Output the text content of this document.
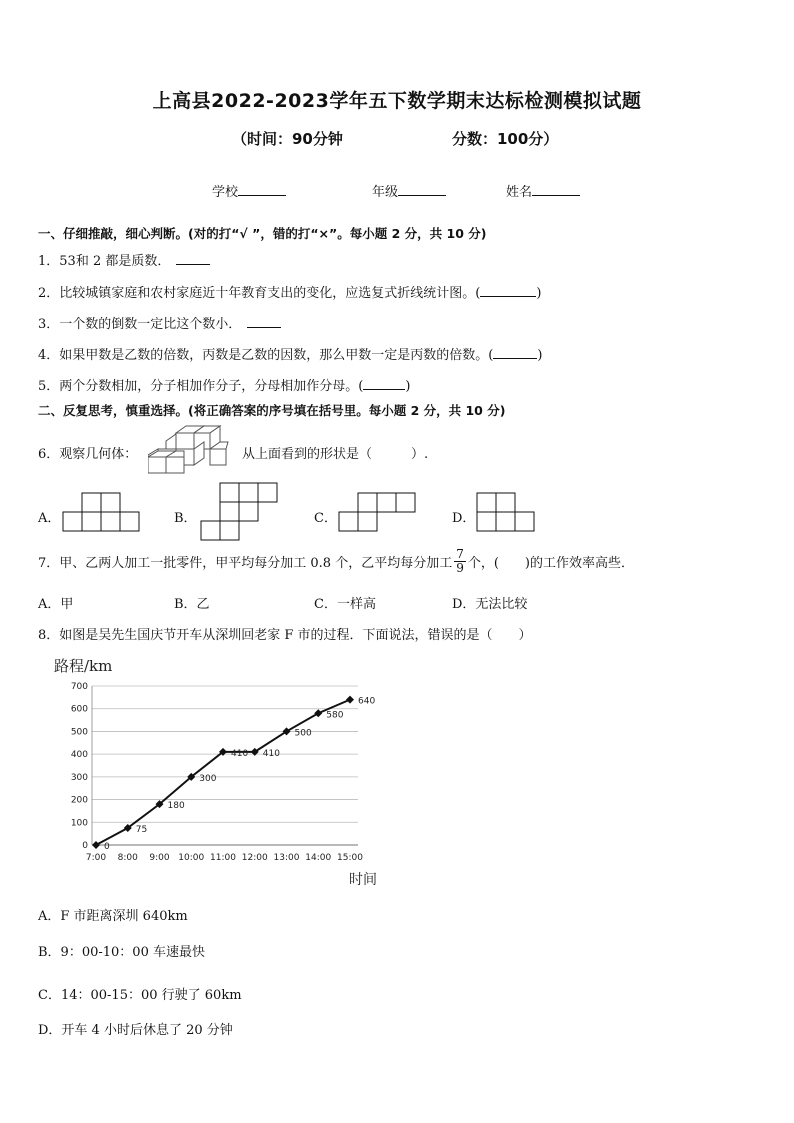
上高县2022-2023学年五下数学期末达标检测模拟试题
（时间：90分钟	分数：100分）
学校	年级	姓名
一、仔细推敲，细心判断。(对的打“√ ”，错的打“×”。每小题 2 分，共 10 分)
1．53和 2 都是质数．
2．比较城镇家庭和农村家庭近十年教育支出的变化，应选复式折线统计图。(	)
3．一个数的倒数一定比这个数小．
4．如果甲数是乙数的倍数，丙数是乙数的因数，那么甲数一定是丙数的倍数。(	)
5．两个分数相加，分子相加作分子，分母相加作分母。(	)
二、反复思考，慎重选择。(将正确答案的序号填在括号里。每小题 2 分，共 10 分)
6．观察几何体：	从上面看到的形状是（　　　）.
A．	B．	C．	D．
7．甲、乙两人加工一批零件，甲平均每分加工 0.8 个，乙平均每分加工 $\frac{7}{9}$ 个，(　　)的工作效率高些．
A．甲	B．乙	C．一样高	D．无法比较
8．如图是吴先生国庆节开车从深圳回老家 F 市的过程．下面说法，错误的是（　　）
路程/km
时间
0
100
200
300
400
500
600
700
7:00 8:00 9:00 10:00 11:00 12:00 13:00 14:00 15:00
0
75
180
300
410 410
500
580
640
A．F 市距离深圳 640km
B．9：00-10：00 车速最快
C．14：00-15：00 行驶了 60km
D．开车 4 小时后休息了 20 分钟
